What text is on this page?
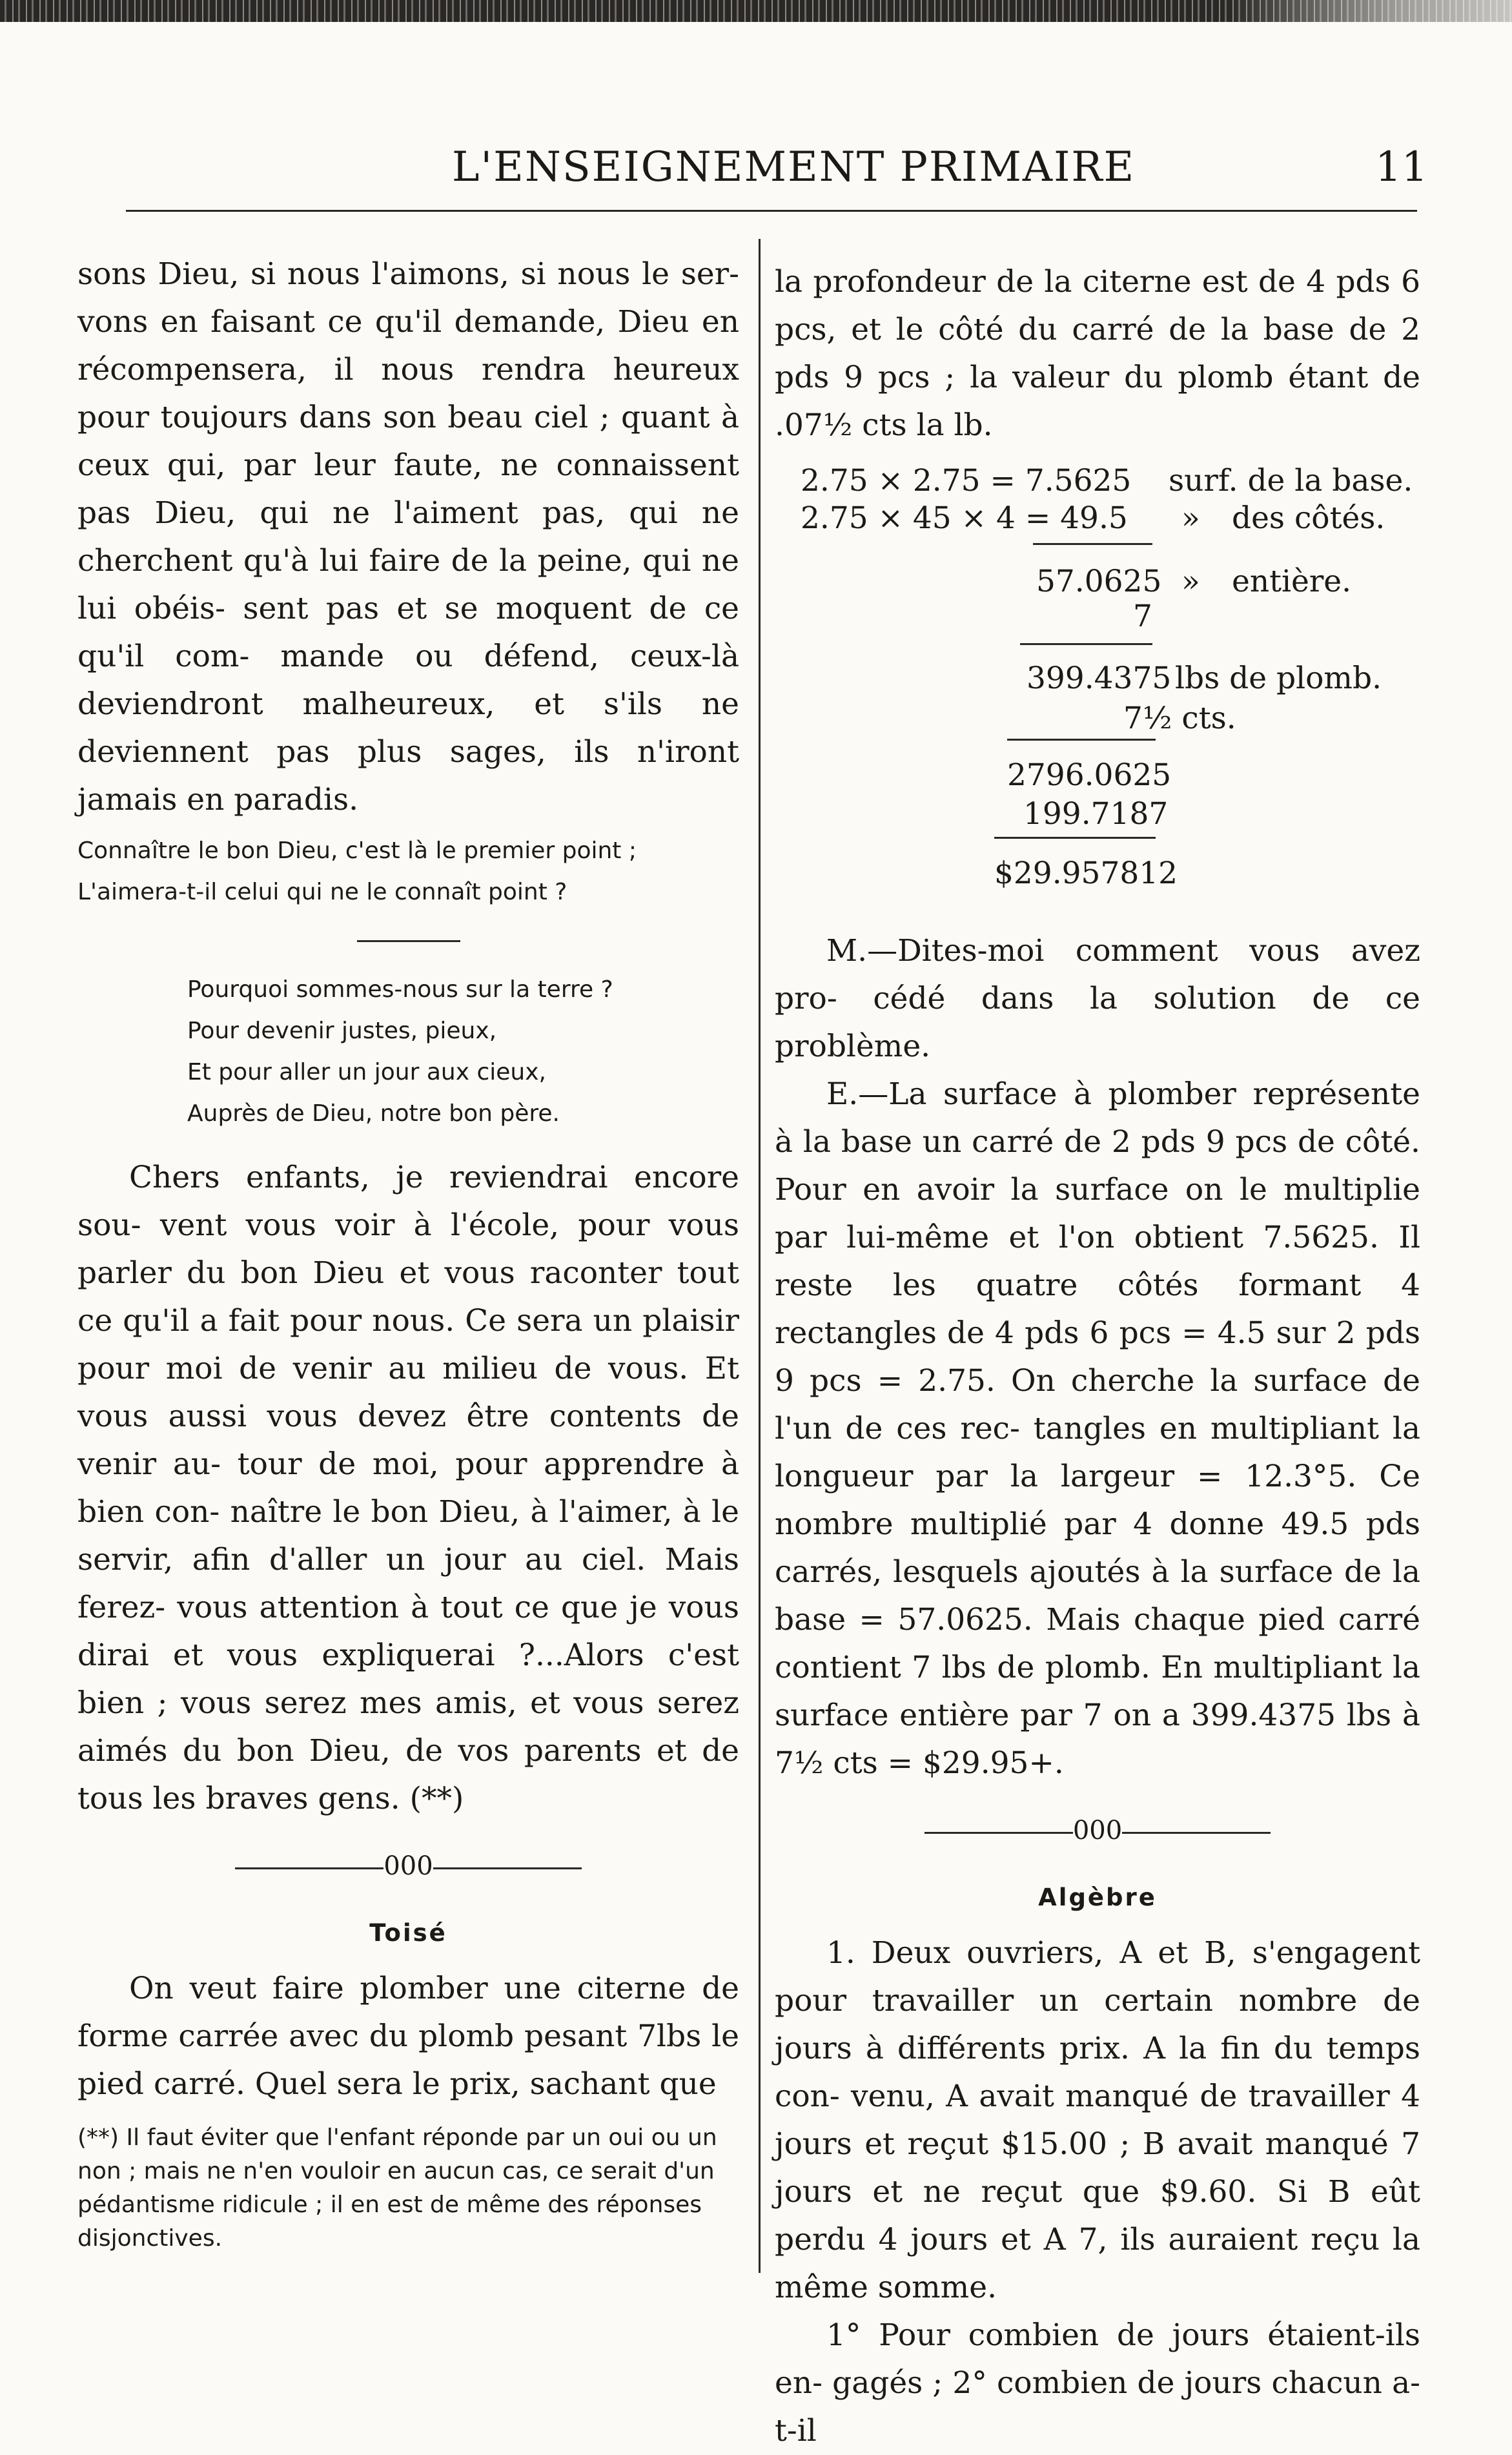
L'ENSEIGNEMENT PRIMAIRE	11

sons Dieu, si nous l'aimons, si nous le ser- vons en faisant ce qu'il demande, Dieu en récompensera, il nous rendra heureux pour toujours dans son beau ciel ; quant à ceux qui, par leur faute, ne connaissent pas Dieu, qui ne l'aiment pas, qui ne cherchent qu'à lui faire de la peine, qui ne lui obéis- sent pas et se moquent de ce qu'il com- mande ou défend, ceux-là deviendront malheureux, et s'ils ne deviennent pas plus sages, ils n'iront jamais en paradis.

Connaître le bon Dieu, c'est là le premier point ;
L'aimera-t-il celui qui ne le connaît point ?
Pourquoi sommes-nous sur la terre ?
Pour devenir justes, pieux,
Et pour aller un jour aux cieux,
Auprès de Dieu, notre bon père.

Chers enfants, je reviendrai encore sou- vent vous voir à l'école, pour vous parler du bon Dieu et vous raconter tout ce qu'il a fait pour nous. Ce sera un plaisir pour moi de venir au milieu de vous. Et vous aussi vous devez être contents de venir au- tour de moi, pour apprendre à bien con- naître le bon Dieu, à l'aimer, à le servir, afin d'aller un jour au ciel. Mais ferez- vous attention à tout ce que je vous dirai et vous expliquerai ?...Alors c'est bien ; vous serez mes amis, et vous serez aimés du bon Dieu, de vos parents et de tous les braves gens. (**)

000
Toisé

On veut faire plomber une citerne de forme carrée avec du plomb pesant 7lbs le pied carré. Quel sera le prix, sachant que

(**) Il faut éviter que l'enfant réponde par un oui ou un non ; mais ne n'en vouloir en aucun cas, ce serait d'un pédantisme ridicule ; il en est de même des réponses disjonctives.

la profondeur de la citerne est de 4 pds 6 pcs, et le côté du carré de la base de 2 pds 9 pcs ; la valeur du plomb étant de .07½ cts la lb.

2.75 × 2.75 = 7.5625 surf. de la base.
2.75 × 45 × 4 = 49.5 » des côtés.
57.0625 » entière.
7
399.4375 lbs de plomb.
7½ cts.
2796.0625
199.7187
$29.957812

M.—Dites-moi comment vous avez pro- cédé dans la solution de ce problème.

E.—La surface à plomber représente à la base un carré de 2 pds 9 pcs de côté. Pour en avoir la surface on le multiplie par lui-même et l'on obtient 7.5625. Il reste les quatre côtés formant 4 rectangles de 4 pds 6 pcs = 4.5 sur 2 pds 9 pcs = 2.75. On cherche la surface de l'un de ces rec- tangles en multipliant la longueur par la largeur = 12.3°5. Ce nombre multiplié par 4 donne 49.5 pds carrés, lesquels ajoutés à la surface de la base = 57.0625. Mais chaque pied carré contient 7 lbs de plomb. En multipliant la surface entière par 7 on a 399.4375 lbs à 7½ cts = $29.95+.

000
Algèbre

1. Deux ouvriers, A et B, s'engagent pour travailler un certain nombre de jours à différents prix. A la fin du temps con- venu, A avait manqué de travailler 4 jours et reçut $15.00 ; B avait manqué 7 jours et ne reçut que $9.60. Si B eût perdu 4 jours et A 7, ils auraient reçu la même somme.

1° Pour combien de jours étaient-ils en- gagés ; 2° combien de jours chacun a-t-il
